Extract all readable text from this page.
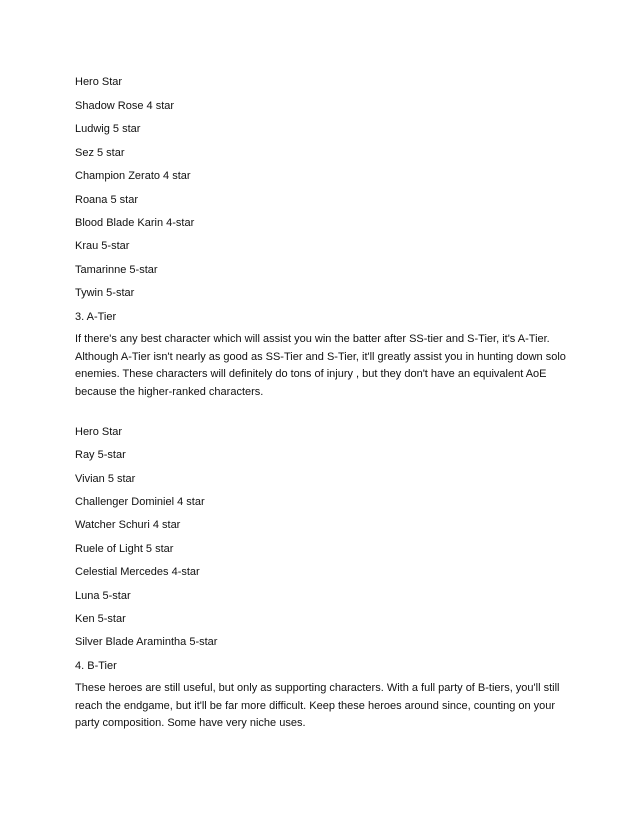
Hero Star
Shadow Rose 4 star
Ludwig 5 star
Sez 5 star
Champion Zerato 4 star
Roana 5 star
Blood Blade Karin 4-star
Krau 5-star
Tamarinne 5-star
Tywin 5-star
3. A-Tier
If there's any best character which will assist you win the batter after SS-tier and S-Tier, it's A-Tier.
Although A-Tier isn't nearly as good as SS-Tier and S-Tier, it'll greatly assist you in hunting down solo
enemies. These characters will definitely do tons of injury , but they don't have an equivalent AoE
because the higher-ranked characters.
Hero Star
Ray 5-star
Vivian 5 star
Challenger Dominiel 4 star
Watcher Schuri 4 star
Ruele of Light 5 star
Celestial Mercedes 4-star
Luna 5-star
Ken 5-star
Silver Blade Aramintha 5-star
4. B-Tier
These heroes are still useful, but only as supporting characters. With a full party of B-tiers, you'll still
reach the endgame, but it'll be far more difficult. Keep these heroes around since, counting on your
party composition. Some have very niche uses.
